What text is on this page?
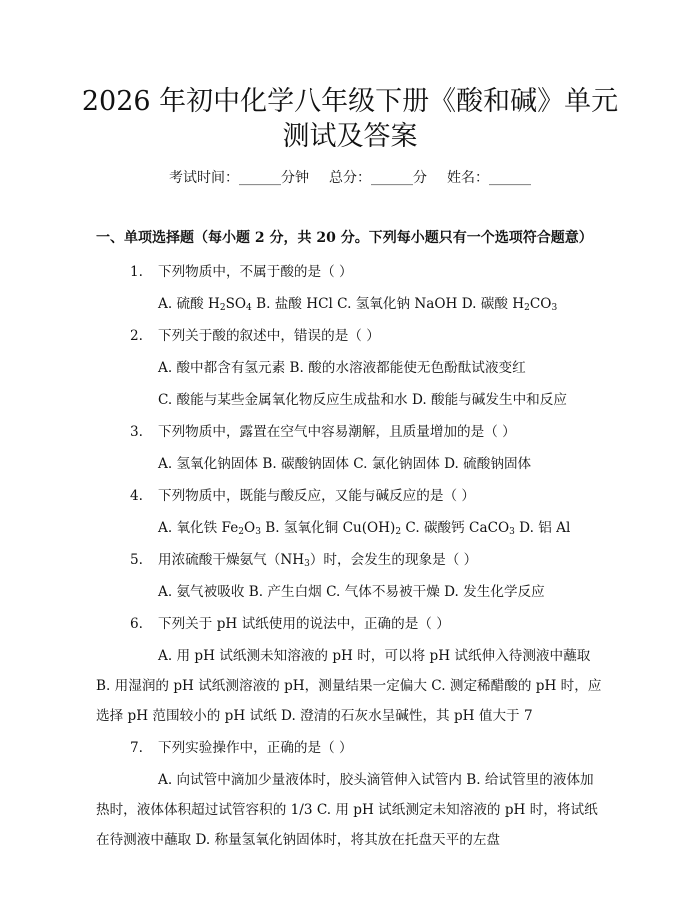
2026 年初中化学八年级下册《酸和碱》单元
测试及答案
考试时间：______分钟 总分：______分 姓名：______
一、单项选择题（每小题 2 分，共 20 分。下列每小题只有一个选项符合题意）
1. 下列物质中，不属于酸的是（ ）
A. 硫酸 $H_2SO_4$ B. 盐酸 HCl C. 氢氧化钠 NaOH D. 碳酸 $H_2CO_3$
2. 下列关于酸的叙述中，错误的是（ ）
A. 酸中都含有氢元素 B. 酸的水溶液都能使无色酚酞试液变红
C. 酸能与某些金属氧化物反应生成盐和水 D. 酸能与碱发生中和反应
3. 下列物质中，露置在空气中容易潮解，且质量增加的是（ ）
A. 氢氧化钠固体 B. 碳酸钠固体 C. 氯化钠固体 D. 硫酸钠固体
4. 下列物质中，既能与酸反应，又能与碱反应的是（ ）
A. 氧化铁 $Fe_2O_3$ B. 氢氧化铜 $Cu(OH)_2$ C. 碳酸钙 CaCO$_3$ D. 铝 Al
5. 用浓硫酸干燥氨气$(NH_3)$时，会发生的现象是（ ）
A. 氨气被吸收 B. 产生白烟 C. 气体不易被干燥 D. 发生化学反应
6. 下列关于 pH 试纸使用的说法中，正确的是（ ）
A. 用 pH 试纸测未知溶液的 pH 时，可以将 pH 试纸伸入待测液中蘸取 B. 用湿润的 pH 试纸测溶液的 pH，测量结果一定偏大 C. 测定稀醋酸的 pH 时，应选择 pH 范围较小的 pH 试纸 D. 澄清的石灰水呈碱性，其 pH 值大于 7
7. 下列实验操作中，正确的是（ ）
A. 向试管中滴加少量液体时，胶头滴管伸入试管内 B. 给试管里的液体加热时，液体体积超过试管容积的 1/3 C. 用 pH 试纸测定未知溶液的 pH 时，将试纸在待测液中蘸取 D. 称量氢氧化钠固体时，将其放在托盘天平的左盘
